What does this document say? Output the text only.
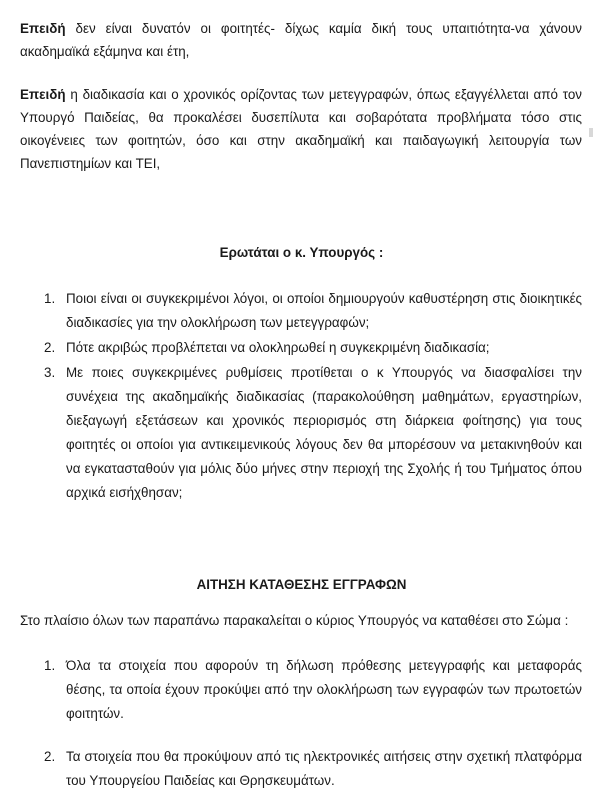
Επειδή δεν είναι δυνατόν οι φοιτητές- δίχως καμία δική τους υπαιτιότητα-να χάνουν ακαδημαϊκά εξάμηνα και έτη,
Επειδή η διαδικασία και ο χρονικός ορίζοντας των μετεγγραφών, όπως εξαγγέλλεται από τον Υπουργό Παιδείας, θα προκαλέσει δυσεπίλυτα και σοβαρότατα προβλήματα τόσο στις οικογένειες των φοιτητών, όσο και στην ακαδημαϊκή και παιδαγωγική λειτουργία των Πανεπιστημίων και ΤΕΙ,
Ερωτάται ο κ. Υπουργός :
1. Ποιοι είναι οι συγκεκριμένοι λόγοι, οι οποίοι δημιουργούν καθυστέρηση στις διοικητικές διαδικασίες για την ολοκλήρωση των μετεγγραφών;
2. Πότε ακριβώς προβλέπεται να ολοκληρωθεί η συγκεκριμένη διαδικασία;
3. Με ποιες συγκεκριμένες ρυθμίσεις προτίθεται ο κ Υπουργός να διασφαλίσει την συνέχεια της ακαδημαϊκής διαδικασίας (παρακολούθηση μαθημάτων, εργαστηρίων, διεξαγωγή εξετάσεων και χρονικός περιορισμός στη διάρκεια φοίτησης) για τους φοιτητές οι οποίοι για αντικειμενικούς λόγους δεν θα μπορέσουν να μετακινηθούν και να εγκατασταθούν για μόλις δύο μήνες στην περιοχή της Σχολής ή του Τμήματος όπου αρχικά εισήχθησαν;
ΑΙΤΗΣΗ ΚΑΤΑΘΕΣΗΣ ΕΓΓΡΑΦΩΝ
Στο πλαίσιο όλων των παραπάνω παρακαλείται ο κύριος Υπουργός να καταθέσει στο Σώμα :
1. Όλα τα στοιχεία που αφορούν τη δήλωση πρόθεσης μετεγγραφής και μεταφοράς θέσης, τα οποία έχουν προκύψει από την ολοκλήρωση των εγγραφών των πρωτοετών φοιτητών.
2. Τα στοιχεία που θα προκύψουν από τις ηλεκτρονικές αιτήσεις στην σχετική πλατφόρμα του Υπουργείου Παιδείας και Θρησκευμάτων.
